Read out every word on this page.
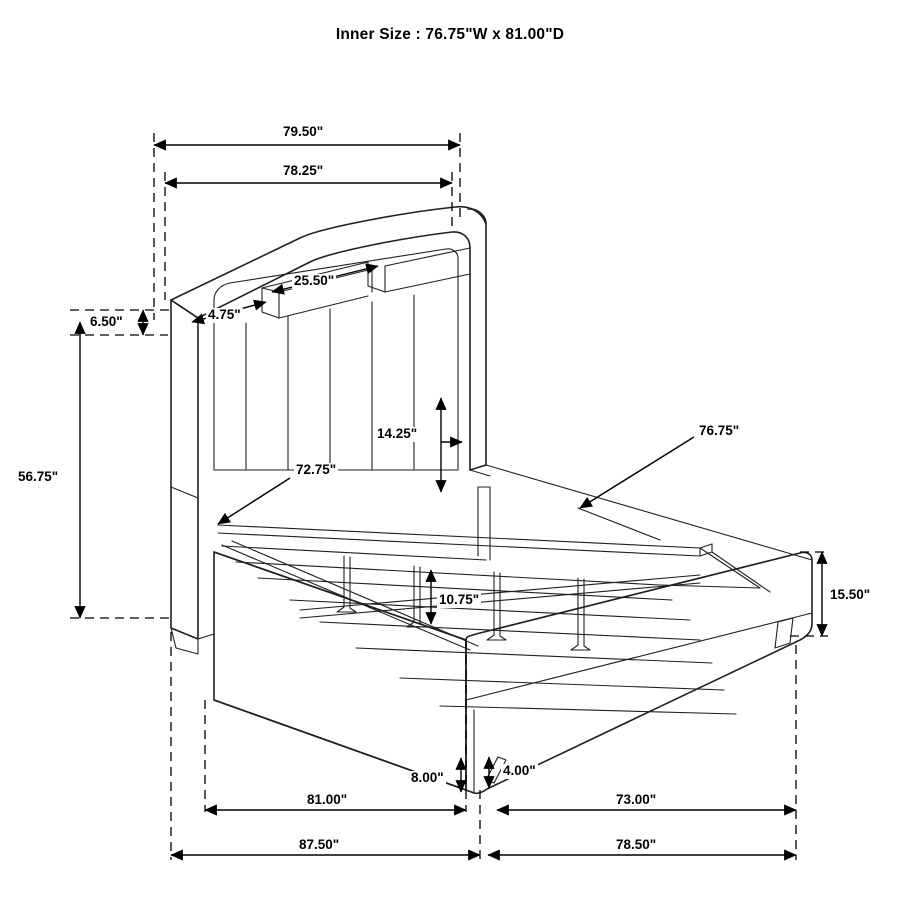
Inner Size : 76.75"W x 81.00"D
79.50"
78.25"
25.50"
4.75"
6.50"
56.75"
14.25"
72.75"
76.75"
10.75"	15.50"
8.00"	4.00"
81.00"	73.00"
87.50"	78.50"
